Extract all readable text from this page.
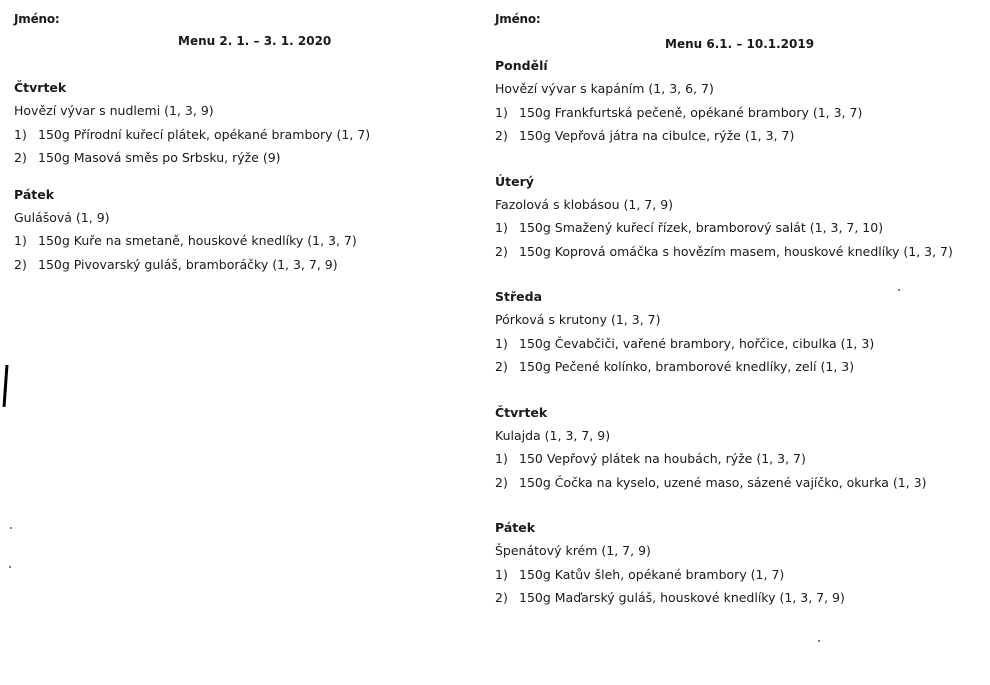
Jméno:
Menu 2. 1. – 3. 1. 2020
Čtvrtek
Hovězí vývar s nudlemi (1, 3, 9)
1) 150g Přírodní kuřecí plátek, opékané brambory (1, 7)
2) 150g Masová směs po Srbsku, rýže (9)
Pátek
Gulášová (1, 9)
1) 150g Kuře na smetaně, houskové knedlíky (1, 3, 7)
2) 150g Pivovarský guláš, bramboráčky (1, 3, 7, 9)
Jméno:
Menu 6.1. – 10.1.2019
Pondělí
Hovězí vývar s kapáním (1, 3, 6, 7)
1) 150g Frankfurtská pečeně, opékané brambory (1, 3, 7)
2) 150g Vepřová játra na cibulce, rýže (1, 3, 7)
Úterý
Fazolová s klobásou (1, 7, 9)
1) 150g Smažený kuřecí řízek, bramborový salát (1, 3, 7, 10)
2) 150g Koprová omáčka s hovězím masem, houskové knedlíky (1, 3, 7)
Středa
Pórková s krutony (1, 3, 7)
1) 150g Čevabčiči, vařené brambory, hořčice, cibulka (1, 3)
2) 150g Pečené kolínko, bramborové knedlíky, zelí (1, 3)
Čtvrtek
Kulajda (1, 3, 7, 9)
1) 150 Vepřový plátek na houbách, rýže (1, 3, 7)
2) 150g Čočka na kyselo, uzené maso, sázené vajíčko, okurka (1, 3)
Pátek
Špenátový krém (1, 7, 9)
1) 150g Katův šleh, opékané brambory (1, 7)
2) 150g Maďarský guláš, houskové knedlíky (1, 3, 7, 9)
